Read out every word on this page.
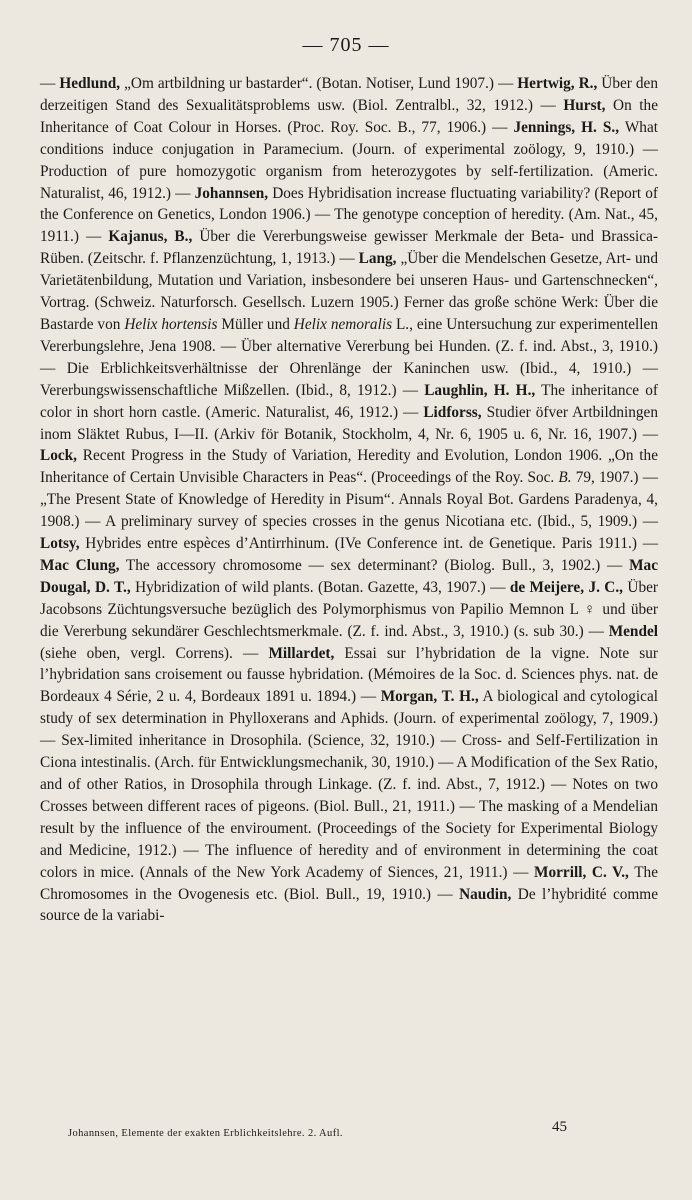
— 705 —
— Hedlund, „Om artbildning ur bastarder“. (Botan. Notiser, Lund 1907.) — Hertwig, R., Über den derzeitigen Stand des Sexualitätsproblems usw. (Biol. Zentralbl., 32, 1912.) — Hurst, On the Inheritance of Coat Colour in Horses. (Proc. Roy. Soc. B., 77, 1906.) — Jennings, H. S., What conditions induce conjugation in Paramecium. (Journ. of experimental zoölogy, 9, 1910.) — Production of pure homozygotic organism from heterozygotes by self-fertilization. (Americ. Naturalist, 46, 1912.) — Johannsen, Does Hybridisation increase fluctuating variability? (Report of the Conference on Genetics, London 1906.) — The genotype conception of heredity. (Am. Nat., 45, 1911.) — Kajanus, B., Über die Vererbungsweise gewisser Merkmale der Beta- und Brassica-Rüben. (Zeitschr. f. Pflanzenzüchtung, 1, 1913.) — Lang, „Über die Mendelschen Gesetze, Art- und Varietätenbildung, Mutation und Variation, insbesondere bei unseren Haus- und Gartenschnecken“, Vortrag. (Schweiz. Naturforsch. Gesellsch. Luzern 1905.) Ferner das große schöne Werk: Über die Bastarde von Helix hortensis Müller und Helix nemoralis L., eine Untersuchung zur experimentellen Vererbungslehre, Jena 1908. — Über alternative Vererbung bei Hunden. (Z. f. ind. Abst., 3, 1910.) — Die Erblichkeitsverhältnisse der Ohrenlänge der Kaninchen usw. (Ibid., 4, 1910.) — Vererbungswissenschaftliche Mißzellen. (Ibid., 8, 1912.) — Laughlin, H. H., The inheritance of color in short horn castle. (Americ. Naturalist, 46, 1912.) — Lidforss, Studier öfver Artbildningen inom Släktet Rubus, I—II. (Arkiv för Botanik, Stockholm, 4, Nr. 6, 1905 u. 6, Nr. 16, 1907.) — Lock, Recent Progress in the Study of Variation, Heredity and Evolution, London 1906. „On the Inheritance of Certain Unvisible Characters in Peas“. (Proceedings of the Roy. Soc. B. 79, 1907.) — „The Present State of Knowledge of Heredity in Pisum“. Annals Royal Bot. Gardens Paradenya, 4, 1908.) — A preliminary survey of species crosses in the genus Nicotiana etc. (Ibid., 5, 1909.) — Lotsy, Hybrides entre espèces d’Antirrhinum. (IVe Conference int. de Genetique. Paris 1911.) — Mac Clung, The accessory chromosome — sex determinant? (Biolog. Bull., 3, 1902.) — Mac Dougal, D. T., Hybridization of wild plants. (Botan. Gazette, 43, 1907.) — de Meijere, J. C., Über Jacobsons Züchtungsversuche bezüglich des Polymorphismus von Papilio Memnon L ♀ und über die Vererbung sekundärer Geschlechtsmerkmale. (Z. f. ind. Abst., 3, 1910.) (s. sub 30.) — Mendel (siehe oben, vergl. Correns). — Millardet, Essai sur l’hybridation de la vigne. Note sur l’hybridation sans croisement ou fausse hybridation. (Mémoires de la Soc. d. Sciences phys. nat. de Bordeaux 4 Série, 2 u. 4, Bordeaux 1891 u. 1894.) — Morgan, T. H., A biological and cytological study of sex determination in Phylloxerans and Aphids. (Journ. of experimental zoölogy, 7, 1909.) — Sex-limited inheritance in Drosophila. (Science, 32, 1910.) — Cross- and Self-Fertilization in Ciona intestinalis. (Arch. für Entwicklungsmechanik, 30, 1910.) — A Modification of the Sex Ratio, and of other Ratios, in Drosophila through Linkage. (Z. f. ind. Abst., 7, 1912.) — Notes on two Crosses between different races of pigeons. (Biol. Bull., 21, 1911.) — The masking of a Mendelian result by the influence of the enviroument. (Proceedings of the Society for Experimental Biology and Medicine, 1912.) — The influence of heredity and of environment in determining the coat colors in mice. (Annals of the New York Academy of Siences, 21, 1911.) — Morrill, C. V., The Chromosomes in the Ovogenesis etc. (Biol. Bull., 19, 1910.) — Naudin, De l’hybridité comme source de la variabi-
Johannsen, Elemente der exakten Erblichkeitslehre. 2. Aufl.	45
